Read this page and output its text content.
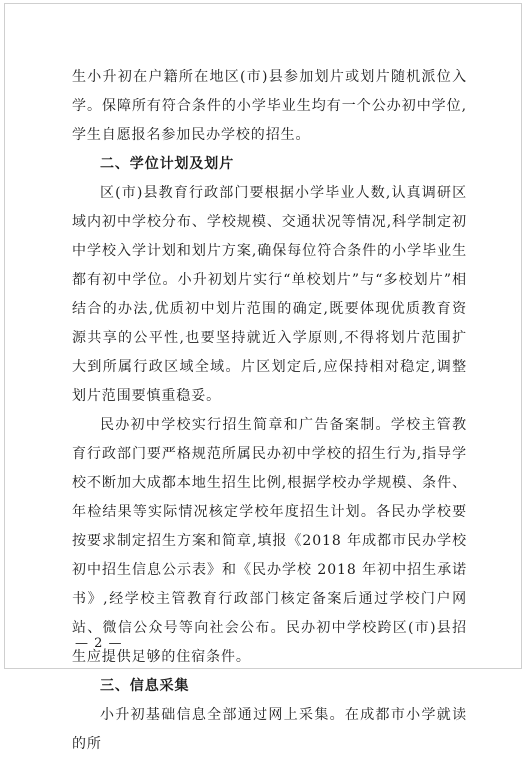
生小升初在户籍所在地区(市)县参加划片或划片随机派位入学。保障所有符合条件的小学毕业生均有一个公办初中学位,学生自愿报名参加民办学校的招生。

二、学位计划及划片

区(市)县教育行政部门要根据小学毕业人数,认真调研区域内初中学校分布、学校规模、交通状况等情况,科学制定初中学校入学计划和划片方案,确保每位符合条件的小学毕业生都有初中学位。小升初划片实行“单校划片”与“多校划片”相结合的办法,优质初中划片范围的确定,既要体现优质教育资源共享的公平性,也要坚持就近入学原则,不得将划片范围扩大到所属行政区域全域。片区划定后,应保持相对稳定,调整划片范围要慎重稳妥。

民办初中学校实行招生简章和广告备案制。学校主管教育行政部门要严格规范所属民办初中学校的招生行为,指导学校不断加大成都本地生招生比例,根据学校办学规模、条件、年检结果等实际情况核定学校年度招生计划。各民办学校要按要求制定招生方案和简章,填报《2018 年成都市民办学校初中招生信息公示表》和《民办学校 2018 年初中招生承诺书》,经学校主管教育行政部门核定备案后通过学校门户网站、微信公众号等向社会公布。民办初中学校跨区(市)县招生应提供足够的住宿条件。

三、信息采集

小升初基础信息全部通过网上采集。在成都市小学就读的所

— 2 —
